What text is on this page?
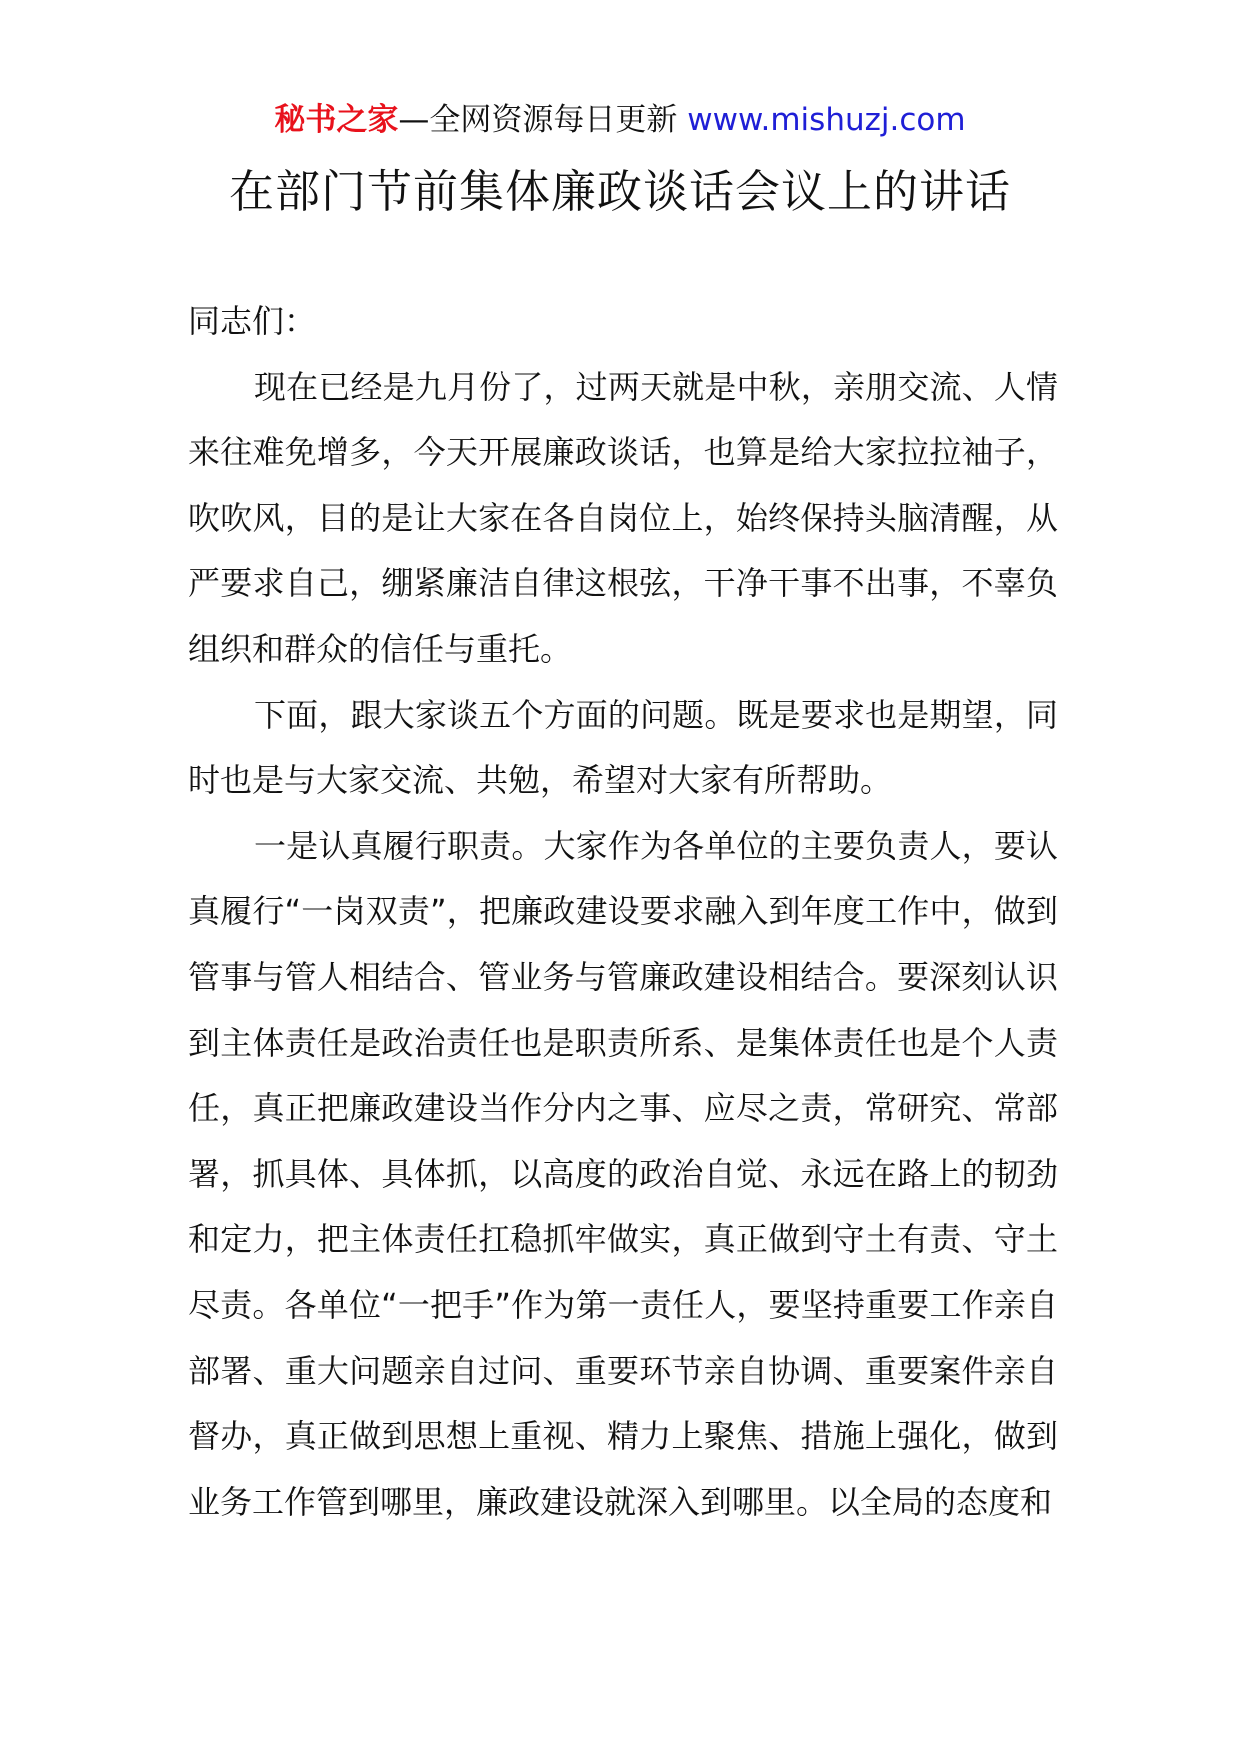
秘书之家—全网资源每日更新 www.mishuzj.com
在部门节前集体廉政谈话会议上的讲话

同志们：

现在已经是九月份了，过两天就是中秋，亲朋交流、人情来往难免增多，今天开展廉政谈话，也算是给大家拉拉袖子，吹吹风，目的是让大家在各自岗位上，始终保持头脑清醒，从严要求自己，绷紧廉洁自律这根弦，干净干事不出事，不辜负组织和群众的信任与重托。

下面，跟大家谈五个方面的问题。既是要求也是期望，同时也是与大家交流、共勉，希望对大家有所帮助。

一是认真履行职责。大家作为各单位的主要负责人，要认真履行“一岗双责”，把廉政建设要求融入到年度工作中，做到管事与管人相结合、管业务与管廉政建设相结合。要深刻认识到主体责任是政治责任也是职责所系、是集体责任也是个人责任，真正把廉政建设当作分内之事、应尽之责，常研究、常部署，抓具体、具体抓，以高度的政治自觉、永远在路上的韧劲和定力，把主体责任扛稳抓牢做实，真正做到守土有责、守土尽责。各单位“一把手”作为第一责任人，要坚持重要工作亲自部署、重大问题亲自过问、重要环节亲自协调、重要案件亲自督办，真正做到思想上重视、精力上聚焦、措施上强化，做到业务工作管到哪里，廉政建设就深入到哪里。以全局的态度和
